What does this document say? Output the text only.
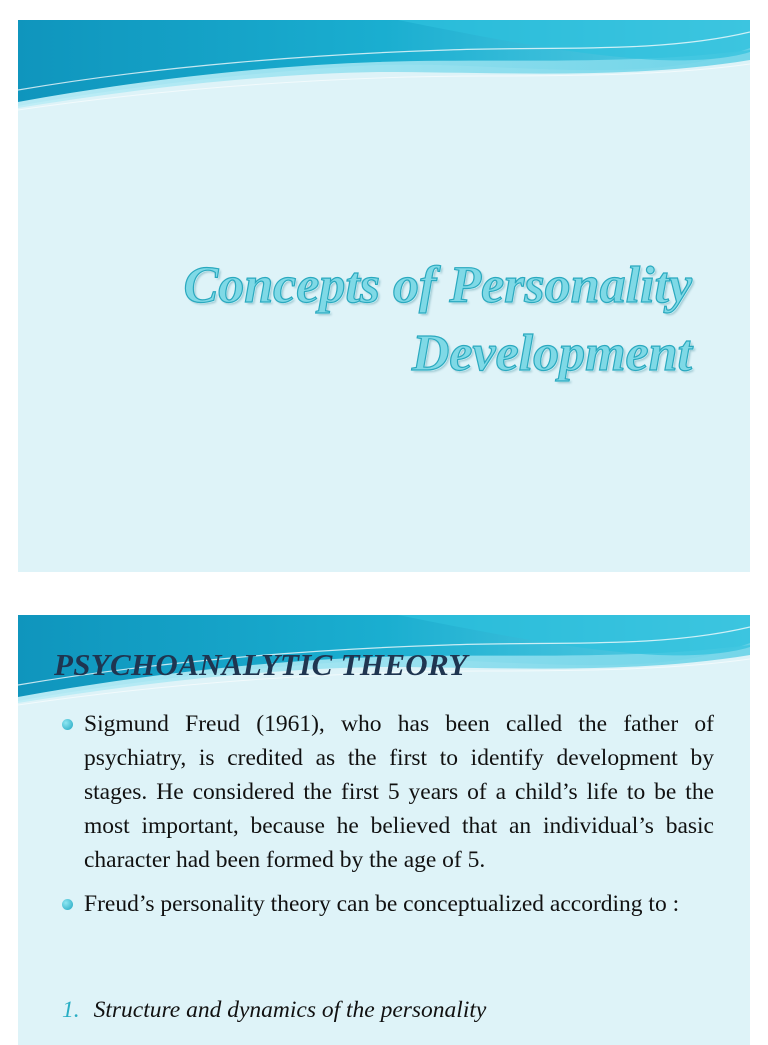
Concepts of Personality
Development
PSYCHOANALYTIC THEORY
Sigmund Freud (1961), who has been called the father of psychiatry, is credited as the first to identify development by stages. He considered the first 5 years of a child’s life to be the most important, because he believed that an individual’s basic character had been formed by the age of 5.
Freud’s personality theory can be conceptualized according to :

1. Structure and dynamics of the personality
